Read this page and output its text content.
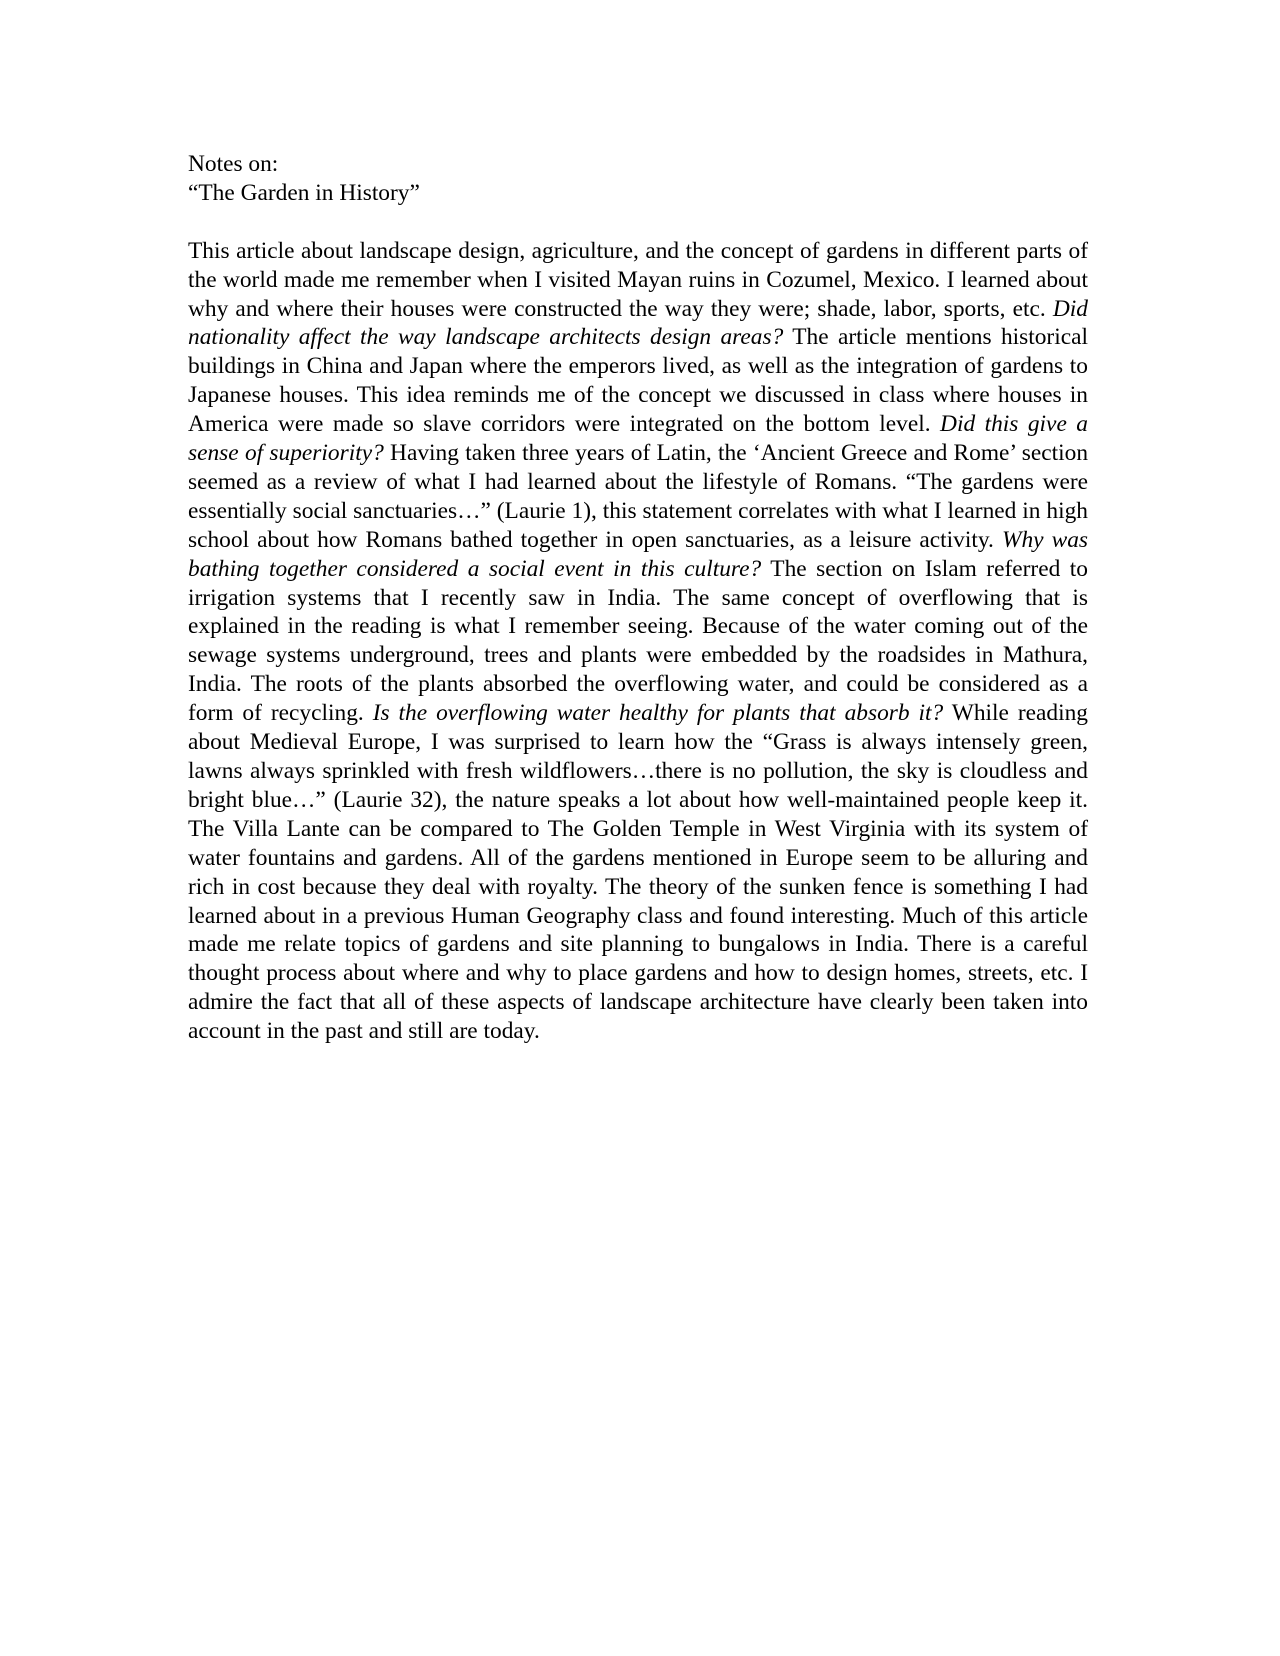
Notes on:
“The Garden in History”

This article about landscape design, agriculture, and the concept of gardens in different parts of the world made me remember when I visited Mayan ruins in Cozumel, Mexico. I learned about why and where their houses were constructed the way they were; shade, labor, sports, etc. Did nationality affect the way landscape architects design areas? The article mentions historical buildings in China and Japan where the emperors lived, as well as the integration of gardens to Japanese houses. This idea reminds me of the concept we discussed in class where houses in America were made so slave corridors were integrated on the bottom level. Did this give a sense of superiority? Having taken three years of Latin, the ‘Ancient Greece and Rome’ section seemed as a review of what I had learned about the lifestyle of Romans. “The gardens were essentially social sanctuaries…” (Laurie 1), this statement correlates with what I learned in high school about how Romans bathed together in open sanctuaries, as a leisure activity. Why was bathing together considered a social event in this culture? The section on Islam referred to irrigation systems that I recently saw in India. The same concept of overflowing that is explained in the reading is what I remember seeing. Because of the water coming out of the sewage systems underground, trees and plants were embedded by the roadsides in Mathura, India. The roots of the plants absorbed the overflowing water, and could be considered as a form of recycling. Is the overflowing water healthy for plants that absorb it? While reading about Medieval Europe, I was surprised to learn how the “Grass is always intensely green, lawns always sprinkled with fresh wildflowers…there is no pollution, the sky is cloudless and bright blue…” (Laurie 32), the nature speaks a lot about how well-maintained people keep it. The Villa Lante can be compared to The Golden Temple in West Virginia with its system of water fountains and gardens. All of the gardens mentioned in Europe seem to be alluring and rich in cost because they deal with royalty. The theory of the sunken fence is something I had learned about in a previous Human Geography class and found interesting. Much of this article made me relate topics of gardens and site planning to bungalows in India. There is a careful thought process about where and why to place gardens and how to design homes, streets, etc. I admire the fact that all of these aspects of landscape architecture have clearly been taken into account in the past and still are today.
